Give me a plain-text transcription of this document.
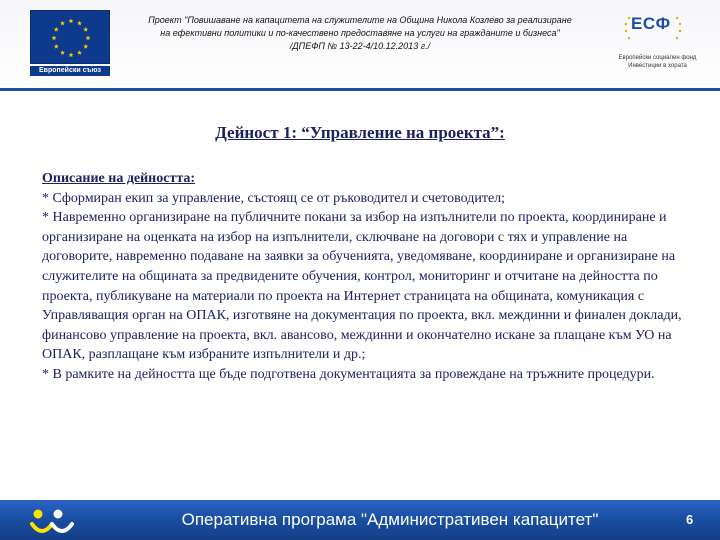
Европейски съюз
Проект "Повишаване на капацитета на служителите на Община Никола Козлево за реализиране
на ефективни политики и по-качествено предоставяне на услуги на гражданите и бизнеса"
/ДПЕФП № 13-22-4/10.12.2013 г./
ЕСФ
Европейски социален фонд
Инвестиции в хората
Дейност 1: “Управление на проекта”:

Описание на дейността:

* Сформиран екип за управление, състоящ се от ръководител и счетоводител;

* Навременно организиране на публичните покани за избор на изпълнители по проекта, координиране и организиране на оценката на избор на изпълнители, сключване на договори с тях и управление на договорите, навременно подаване на заявки за обученията, уведомяване, координиране и организиране на служителите на общината за предвидените обучения, контрол, мониторинг и отчитане на дейността по проекта, публикуване на материали по проекта на Интернет страницата на общината, комуникация с Управляващия орган на ОПАК, изготвяне на документация по проекта, вкл. междинни и финален доклади, финансово управление на проекта, вкл. авансово, междинни и окончателно искане за плащане към УО на ОПАК, разплащане към избраните изпълнители и др.;

* В рамките на дейността ще бъде подготвена документацията за провеждане на тръжните процедури.

Оперативна програма "Административен капацитет"	6
